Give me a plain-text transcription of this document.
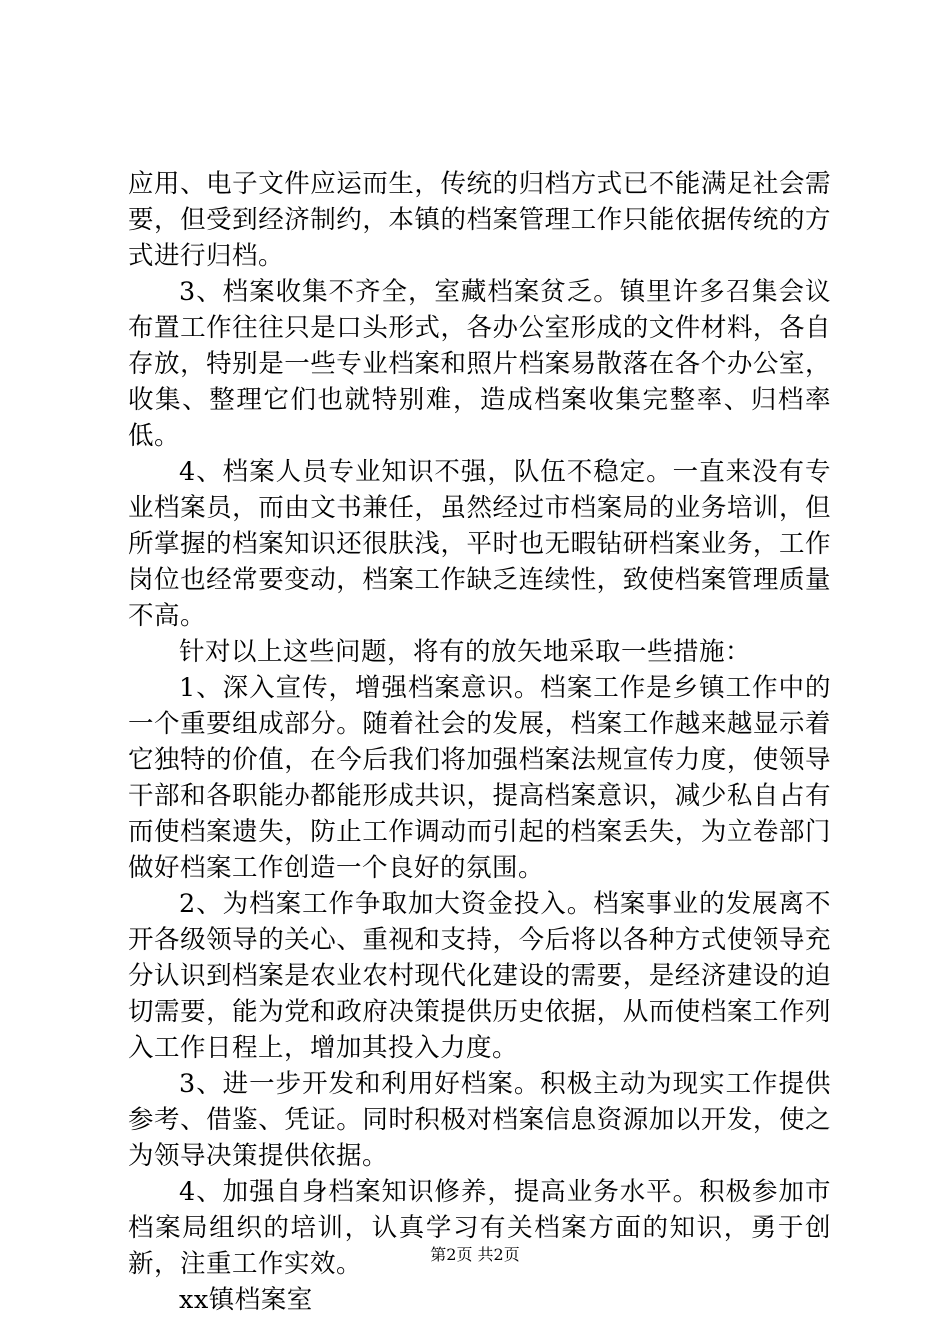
应用、电子文件应运而生，传统的归档方式已不能满足社会需要，但受到经济制约，本镇的档案管理工作只能依据传统的方式进行归档。

3、档案收集不齐全，室藏档案贫乏。镇里许多召集会议布置工作往往只是口头形式，各办公室形成的文件材料，各自存放，特别是一些专业档案和照片档案易散落在各个办公室，收集、整理它们也就特别难，造成档案收集完整率、归档率低。

4、档案人员专业知识不强，队伍不稳定。一直来没有专业档案员，而由文书兼任，虽然经过市档案局的业务培训，但所掌握的档案知识还很肤浅，平时也无暇钻研档案业务，工作岗位也经常要变动，档案工作缺乏连续性，致使档案管理质量不高。

针对以上这些问题，将有的放矢地采取一些措施：

1、深入宣传，增强档案意识。档案工作是乡镇工作中的一个重要组成部分。随着社会的发展，档案工作越来越显示着它独特的价值，在今后我们将加强档案法规宣传力度，使领导干部和各职能办都能形成共识，提高档案意识，减少私自占有而使档案遗失，防止工作调动而引起的档案丢失，为立卷部门做好档案工作创造一个良好的氛围。

2、为档案工作争取加大资金投入。档案事业的发展离不开各级领导的关心、重视和支持，今后将以各种方式使领导充分认识到档案是农业农村现代化建设的需要，是经济建设的迫切需要，能为党和政府决策提供历史依据，从而使档案工作列入工作日程上，增加其投入力度。

3、进一步开发和利用好档案。积极主动为现实工作提供参考、借鉴、凭证。同时积极对档案信息资源加以开发，使之为领导决策提供依据。

4、加强自身档案知识修养，提高业务水平。积极参加市档案局组织的培训，认真学习有关档案方面的知识，勇于创新，注重工作实效。

xx镇档案室

第2页 共2页
